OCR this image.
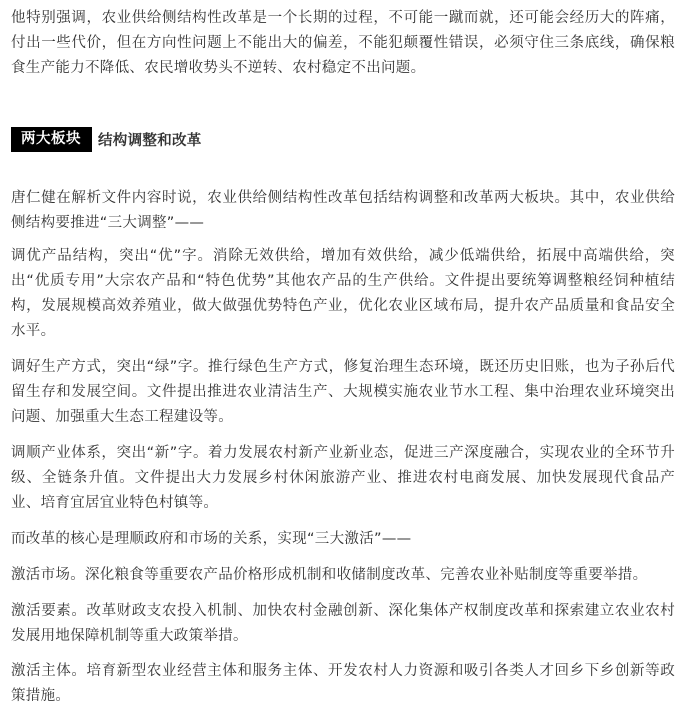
他特别强调，农业供给侧结构性改革是一个长期的过程，不可能一蹴而就，还可能会经历大的阵痛，付出一些代价，但在方向性问题上不能出大的偏差，不能犯颠覆性错误，必须守住三条底线，确保粮食生产能力不降低、农民增收势头不逆转、农村稳定不出问题。

两大板块	结构调整和改革

唐仁健在解析文件内容时说，农业供给侧结构性改革包括结构调整和改革两大板块。其中，农业供给侧结构要推进“三大调整”——

调优产品结构，突出“优”字。消除无效供给，增加有效供给，减少低端供给，拓展中高端供给，突出“优质专用”大宗农产品和“特色优势”其他农产品的生产供给。文件提出要统筹调整粮经饲种植结构，发展规模高效养殖业，做大做强优势特色产业，优化农业区域布局，提升农产品质量和食品安全水平。

调好生产方式，突出“绿”字。推行绿色生产方式，修复治理生态环境，既还历史旧账，也为子孙后代留生存和发展空间。文件提出推进农业清洁生产、大规模实施农业节水工程、集中治理农业环境突出问题、加强重大生态工程建设等。

调顺产业体系，突出“新”字。着力发展农村新产业新业态，促进三产深度融合，实现农业的全环节升级、全链条升值。文件提出大力发展乡村休闲旅游产业、推进农村电商发展、加快发展现代食品产业、培育宜居宜业特色村镇等。

而改革的核心是理顺政府和市场的关系，实现“三大激活”——

激活市场。深化粮食等重要农产品价格形成机制和收储制度改革、完善农业补贴制度等重要举措。

激活要素。改革财政支农投入机制、加快农村金融创新、深化集体产权制度改革和探索建立农业农村发展用地保障机制等重大政策举措。

激活主体。培育新型农业经营主体和服务主体、开发农村人力资源和吸引各类人才回乡下乡创新等政策措施。
